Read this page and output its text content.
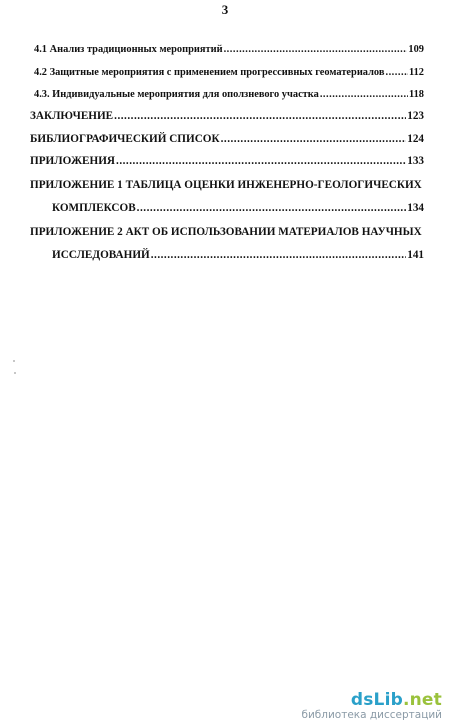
3
4.1 Анализ традиционных мероприятий .....	109
4.2 Защитные мероприятия с применением прогрессивных геоматериалов ..... 112
4.3. Индивидуальные мероприятия для оползневого участка .....	118
ЗАКЛЮЧЕНИЕ .....	123
БИБЛИОГРАФИЧЕСКИЙ СПИСОК .....	124
ПРИЛОЖЕНИЯ .....	133
ПРИЛОЖЕНИЕ 1 ТАБЛИЦА ОЦЕНКИ ИНЖЕНЕРНО-ГЕОЛОГИЧЕСКИХ
КОМПЛЕКСОВ .....	134
ПРИЛОЖЕНИЕ 2 АКТ ОБ ИСПОЛЬЗОВАНИИ МАТЕРИАЛОВ НАУЧНЫХ
ИССЛЕДОВАНИЙ .....	141
dsLib.net
библиотека диссертаций
